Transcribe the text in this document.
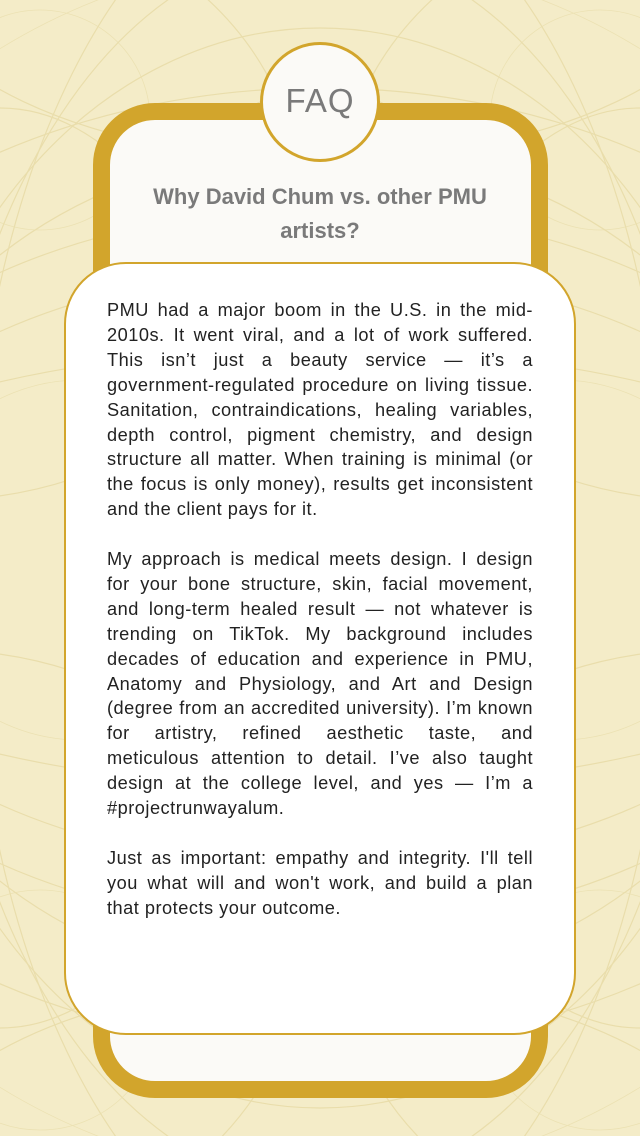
Why David Chum vs. other PMU artists?
FAQ

PMU had a major boom in the U.S. in the mid-2010s. It went viral, and a lot of work suffered. This isn’t just a beauty service — it’s a government-regulated procedure on living tissue. Sanitation, contraindications, healing variables, depth control, pigment chemistry, and design structure all matter. When training is minimal (or the focus is only money), results get inconsistent and the client pays for it.

My approach is medical meets design. I design for your bone structure, skin, facial movement, and long-term healed result — not whatever is trending on TikTok. My background includes decades of education and experience in PMU, Anatomy and Physiology, and Art and Design (degree from an accredited university). I’m known for artistry, refined aesthetic taste, and meticulous attention to detail. I’ve also taught design at the college level, and yes — I’m a #projectrunwayalum.

Just as important: empathy and integrity. I'll tell you what will and won't work, and build a plan that protects your outcome.
